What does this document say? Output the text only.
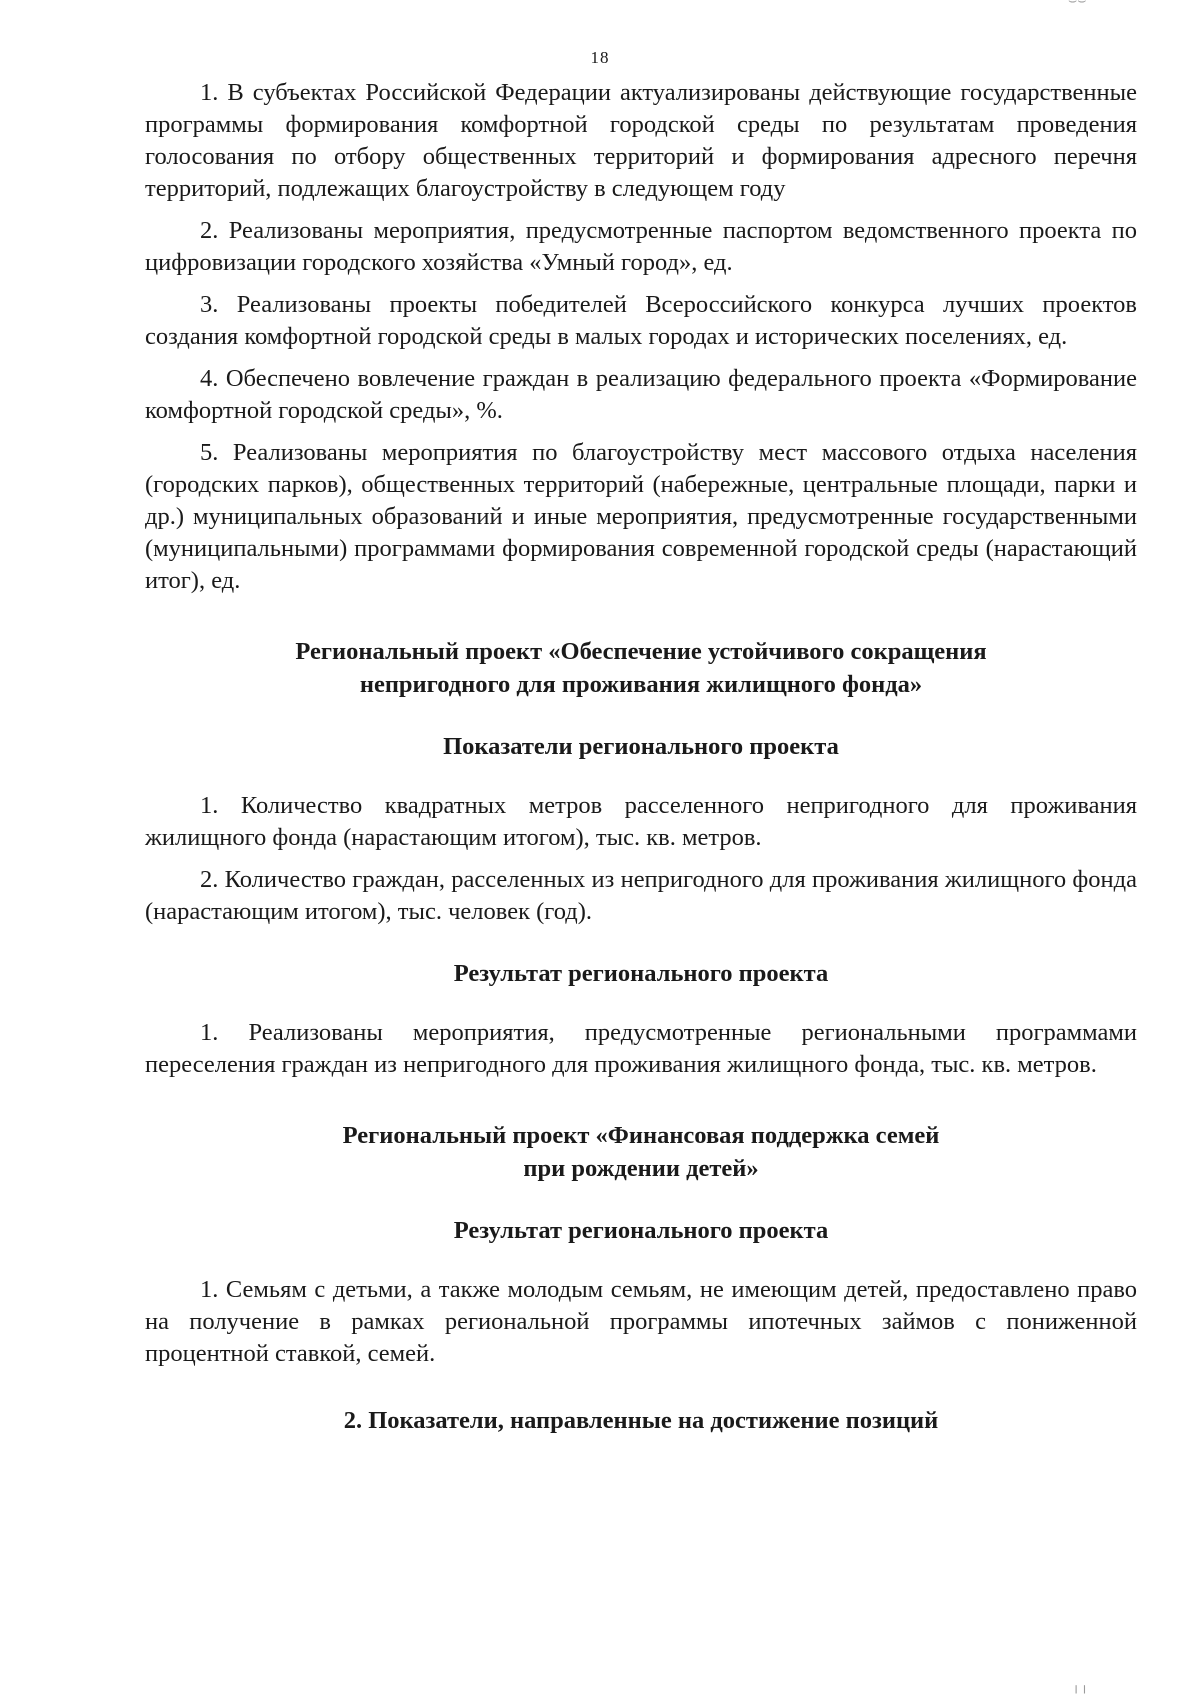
⌣⌣
╷╷
18

1. В субъектах Российской Федерации актуализированы действующие государственные программы формирования комфортной городской среды по результатам проведения голосования по отбору общественных территорий и формирования адресного перечня территорий, подлежащих благоустройству в следующем году

2. Реализованы мероприятия, предусмотренные паспортом ведомственного проекта по цифровизации городского хозяйства «Умный город», ед.

3. Реализованы проекты победителей Всероссийского конкурса лучших проектов создания комфортной городской среды в малых городах и исторических поселениях, ед.

4. Обеспечено вовлечение граждан в реализацию федерального проекта «Формирование комфортной городской среды», %.

5. Реализованы мероприятия по благоустройству мест массового отдыха населения (городских парков), общественных территорий (набережные, центральные площади, парки и др.) муниципальных образований и иные мероприятия, предусмотренные государственными (муниципальными) программами формирования современной городской среды (нарастающий итог), ед.

Региональный проект «Обеспечение устойчивого сокращения
непригодного для проживания жилищного фонда»
Показатели регионального проекта

1. Количество квадратных метров расселенного непригодного для проживания жилищного фонда (нарастающим итогом), тыс. кв. метров.

2. Количество граждан, расселенных из непригодного для проживания жилищного фонда (нарастающим итогом), тыс. человек (год).

Результат регионального проекта

1. Реализованы мероприятия, предусмотренные региональными программами переселения граждан из непригодного для проживания жилищного фонда, тыс. кв. метров.

Региональный проект «Финансовая поддержка семей
при рождении детей»
Результат регионального проекта

1. Семьям с детьми, а также молодым семьям, не имеющим детей, предоставлено право на получение в рамках региональной программы ипотечных займов с пониженной процентной ставкой, семей.

2. Показатели, направленные на достижение позиций
